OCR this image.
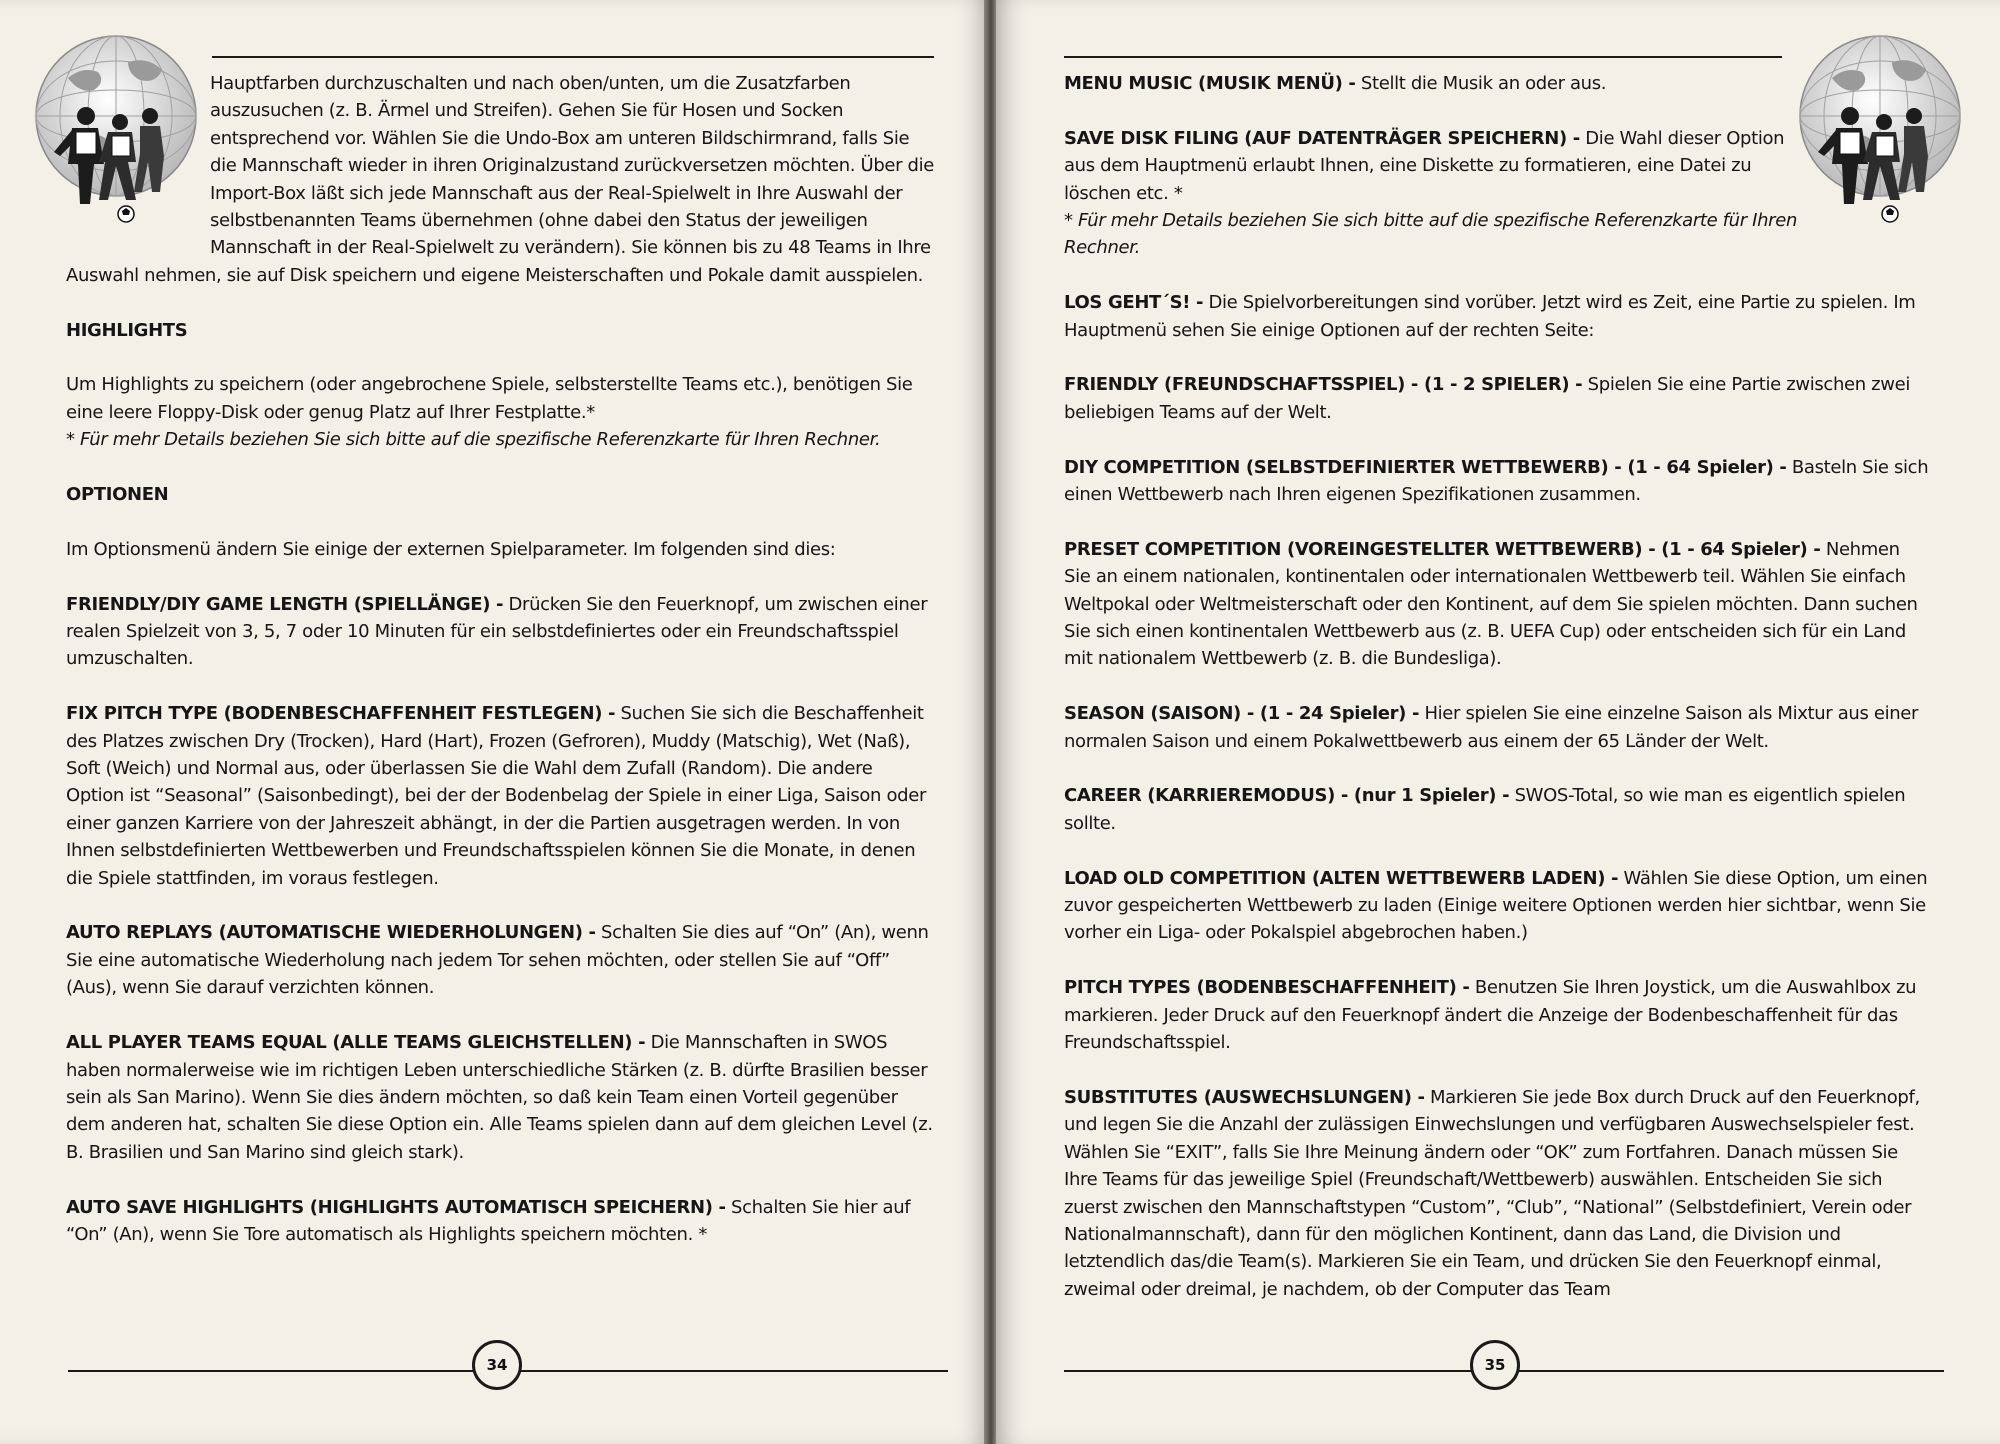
Hauptfarben durchzuschalten und nach oben/unten, um die Zusatzfarben auszusuchen (z. B. Ärmel und Streifen). Gehen Sie für Hosen und Socken entsprechend vor. Wählen Sie die Undo-Box am unteren Bildschirmrand, falls Sie die Mannschaft wieder in ihren Originalzustand zurückversetzen möchten. Über die Import-Box läßt sich jede Mannschaft aus der Real-Spielwelt in Ihre Auswahl der selbstbenannten Teams übernehmen (ohne dabei den Status der jeweiligen Mannschaft in der Real-Spielwelt zu verändern). Sie können bis zu 48 Teams in Ihre Auswahl nehmen, sie auf Disk speichern und eigene Meisterschaften und Pokale damit ausspielen.

HIGHLIGHTS

Um Highlights zu speichern (oder angebrochene Spiele, selbsterstellte Teams etc.), benötigen Sie eine leere Floppy-Disk oder genug Platz auf Ihrer Festplatte.*
* Für mehr Details beziehen Sie sich bitte auf die spezifische Referenzkarte für Ihren Rechner.

OPTIONEN

Im Optionsmenü ändern Sie einige der externen Spielparameter. Im folgenden sind dies:

FRIENDLY/DIY GAME LENGTH (SPIELLÄNGE) - Drücken Sie den Feuerknopf, um zwischen einer realen Spielzeit von 3, 5, 7 oder 10 Minuten für ein selbstdefiniertes oder ein Freundschaftsspiel umzuschalten.

FIX PITCH TYPE (BODENBESCHAFFENHEIT FESTLEGEN) - Suchen Sie sich die Beschaffenheit des Platzes zwischen Dry (Trocken), Hard (Hart), Frozen (Gefroren), Muddy (Matschig), Wet (Naß), Soft (Weich) und Normal aus, oder überlassen Sie die Wahl dem Zufall (Random). Die andere Option ist “Seasonal” (Saisonbedingt), bei der der Bodenbelag der Spiele in einer Liga, Saison oder einer ganzen Karriere von der Jahreszeit abhängt, in der die Partien ausgetragen werden. In von Ihnen selbstdefinierten Wettbewerben und Freundschaftsspielen können Sie die Monate, in denen die Spiele stattfinden, im voraus festlegen.

AUTO REPLAYS (AUTOMATISCHE WIEDERHOLUNGEN) - Schalten Sie dies auf “On” (An), wenn Sie eine automatische Wiederholung nach jedem Tor sehen möchten, oder stellen Sie auf “Off” (Aus), wenn Sie darauf verzichten können.

ALL PLAYER TEAMS EQUAL (ALLE TEAMS GLEICHSTELLEN) - Die Mannschaften in SWOS haben normalerweise wie im richtigen Leben unterschiedliche Stärken (z. B. dürfte Brasilien besser sein als San Marino). Wenn Sie dies ändern möchten, so daß kein Team einen Vorteil gegenüber dem anderen hat, schalten Sie diese Option ein. Alle Teams spielen dann auf dem gleichen Level (z. B. Brasilien und San Marino sind gleich stark).

AUTO SAVE HIGHLIGHTS (HIGHLIGHTS AUTOMATISCH SPEICHERN) - Schalten Sie hier auf “On” (An), wenn Sie Tore automatisch als Highlights speichern möchten. *

34

MENU MUSIC (MUSIK MENÜ) - Stellt die Musik an oder aus.

SAVE DISK FILING (AUF DATENTRÄGER SPEICHERN) - Die Wahl dieser Option aus dem Hauptmenü erlaubt Ihnen, eine Diskette zu formatieren, eine Datei zu löschen etc. *
* Für mehr Details beziehen Sie sich bitte auf die spezifische Referenzkarte für Ihren Rechner.

LOS GEHT´S! - Die Spielvorbereitungen sind vorüber. Jetzt wird es Zeit, eine Partie zu spielen. Im Hauptmenü sehen Sie einige Optionen auf der rechten Seite:

FRIENDLY (FREUNDSCHAFTSSPIEL) - (1 - 2 SPIELER) - Spielen Sie eine Partie zwischen zwei beliebigen Teams auf der Welt.

DIY COMPETITION (SELBSTDEFINIERTER WETTBEWERB) - (1 - 64 Spieler) - Basteln Sie sich einen Wettbewerb nach Ihren eigenen Spezifikationen zusammen.

PRESET COMPETITION (VOREINGESTELLTER WETTBEWERB) - (1 - 64 Spieler) - Nehmen Sie an einem nationalen, kontinentalen oder internationalen Wettbewerb teil. Wählen Sie einfach Weltpokal oder Weltmeisterschaft oder den Kontinent, auf dem Sie spielen möchten. Dann suchen Sie sich einen kontinentalen Wettbewerb aus (z. B. UEFA Cup) oder entscheiden sich für ein Land mit nationalem Wettbewerb (z. B. die Bundesliga).

SEASON (SAISON) - (1 - 24 Spieler) - Hier spielen Sie eine einzelne Saison als Mixtur aus einer normalen Saison und einem Pokalwettbewerb aus einem der 65 Länder der Welt.

CAREER (KARRIEREMODUS) - (nur 1 Spieler) - SWOS-Total, so wie man es eigentlich spielen sollte.

LOAD OLD COMPETITION (ALTEN WETTBEWERB LADEN) - Wählen Sie diese Option, um einen zuvor gespeicherten Wettbewerb zu laden (Einige weitere Optionen werden hier sichtbar, wenn Sie vorher ein Liga- oder Pokalspiel abgebrochen haben.)

PITCH TYPES (BODENBESCHAFFENHEIT) - Benutzen Sie Ihren Joystick, um die Auswahlbox zu markieren. Jeder Druck auf den Feuerknopf ändert die Anzeige der Bodenbeschaffenheit für das Freundschaftsspiel.

SUBSTITUTES (AUSWECHSLUNGEN) - Markieren Sie jede Box durch Druck auf den Feuerknopf, und legen Sie die Anzahl der zulässigen Einwechslungen und verfügbaren Auswechselspieler fest. Wählen Sie “EXIT”, falls Sie Ihre Meinung ändern oder “OK” zum Fortfahren. Danach müssen Sie Ihre Teams für das jeweilige Spiel (Freundschaft/Wettbewerb) auswählen. Entscheiden Sie sich zuerst zwischen den Mannschaftstypen “Custom”, “Club”, “National” (Selbstdefiniert, Verein oder Nationalmannschaft), dann für den möglichen Kontinent, dann das Land, die Division und letztendlich das/die Team(s). Markieren Sie ein Team, und drücken Sie den Feuerknopf einmal, zweimal oder dreimal, je nachdem, ob der Computer das Team

35
